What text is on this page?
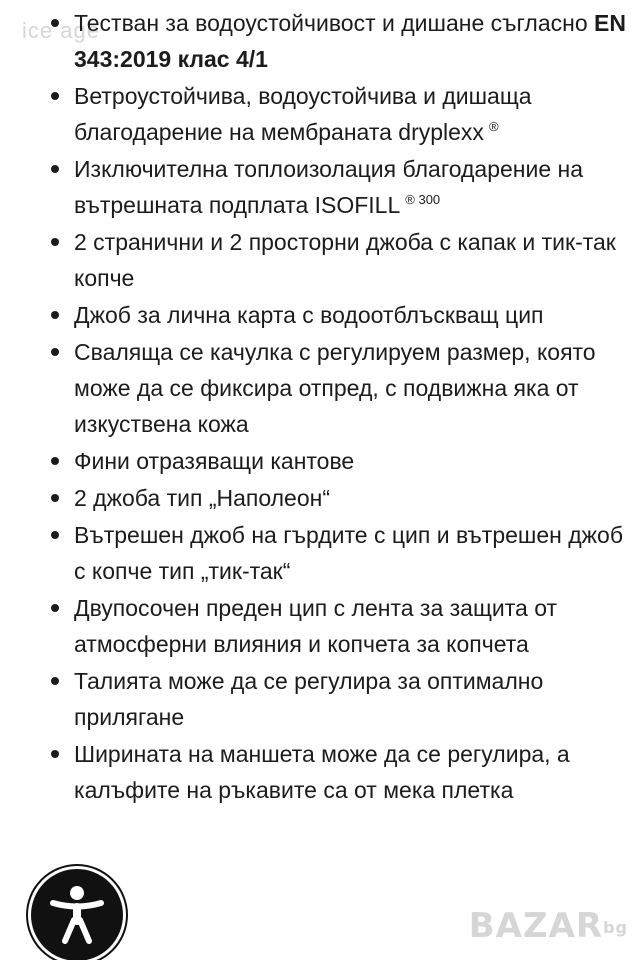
ice age
• Тестван за водоустойчивост и дишане съгласно EN 343:2019 клас 4/1
• Ветроустойчива, водоустойчива и дишаща благодарение на мембраната dryplexx ®
• Изключителна топлоизолация благодарение на вътрешната подплата ISOFILL $^{® 300}$
• 2 странични и 2 просторни джоба с капак и тик-так копче
• Джоб за лична карта с водоотблъскващ цип
• Сваляща се качулка с регулируем размер, която може да се фиксира отпред, с подвижна яка от изкуствена кожа
• Фини отразяващи кантове
• 2 джоба тип „Наполеон“
• Вътрешен джоб на гърдите с цип и вътрешен джоб с копче тип „тик-так“
• Двупосочен преден цип с лента за защита от атмосферни влияния и копчета за копчета
• Талията може да се регулира за оптимално прилягане
• Ширината на маншета може да се регулира, а калъфите на ръкавите са от мека плетка
BAZARbg
